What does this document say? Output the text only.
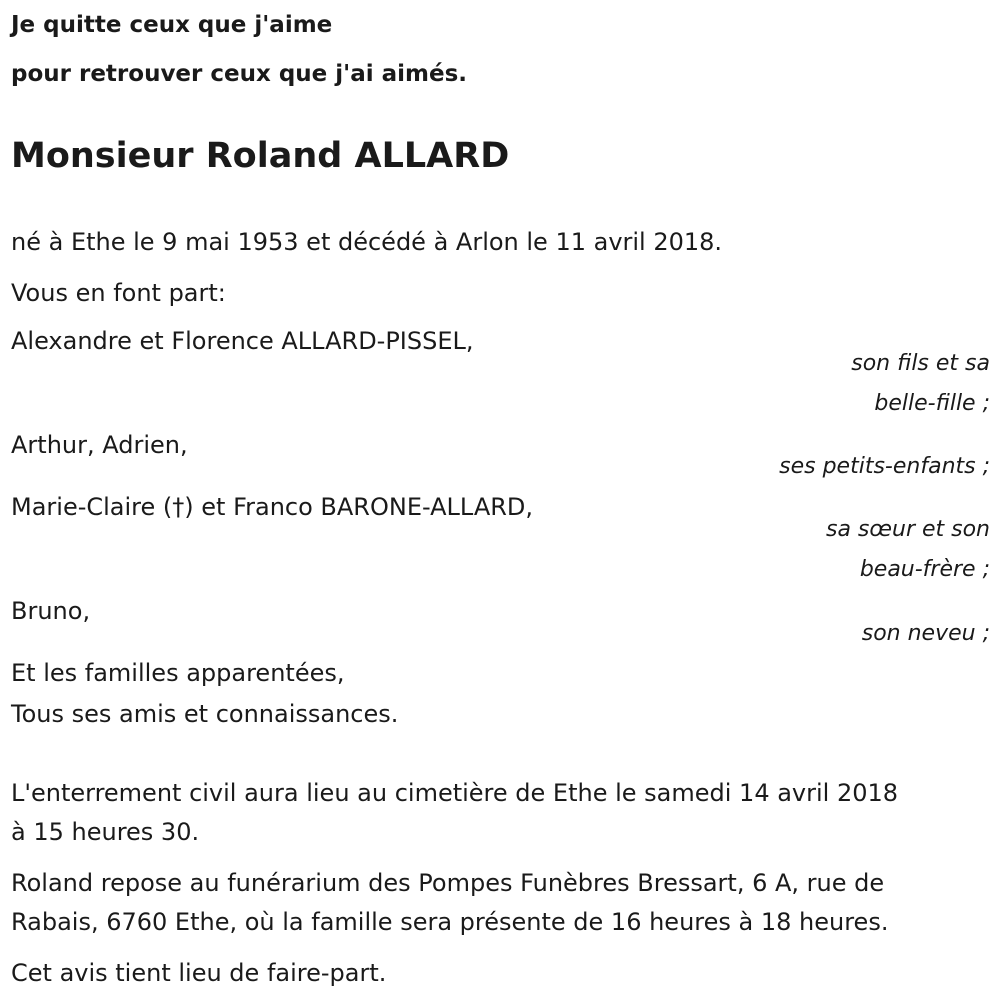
Je quitte ceux que j'aime
pour retrouver ceux que j'ai aimés.
Monsieur Roland ALLARD
né à Ethe le 9 mai 1953 et décédé à Arlon le 11 avril 2018.
Vous en font part:
Alexandre et Florence ALLARD-PISSEL,
son fils et sa
belle-fille ;
Arthur, Adrien,
ses petits-enfants ;
Marie-Claire (†) et Franco BARONE-ALLARD,
sa sœur et son
beau-frère ;
Bruno,
son neveu ;
Et les familles apparentées,
Tous ses amis et connaissances.
L'enterrement civil aura lieu au cimetière de Ethe le samedi 14 avril 2018
à 15 heures 30.
Roland repose au funérarium des Pompes Funèbres Bressart, 6 A, rue de
Rabais, 6760 Ethe, où la famille sera présente de 16 heures à 18 heures.
Cet avis tient lieu de faire-part.
